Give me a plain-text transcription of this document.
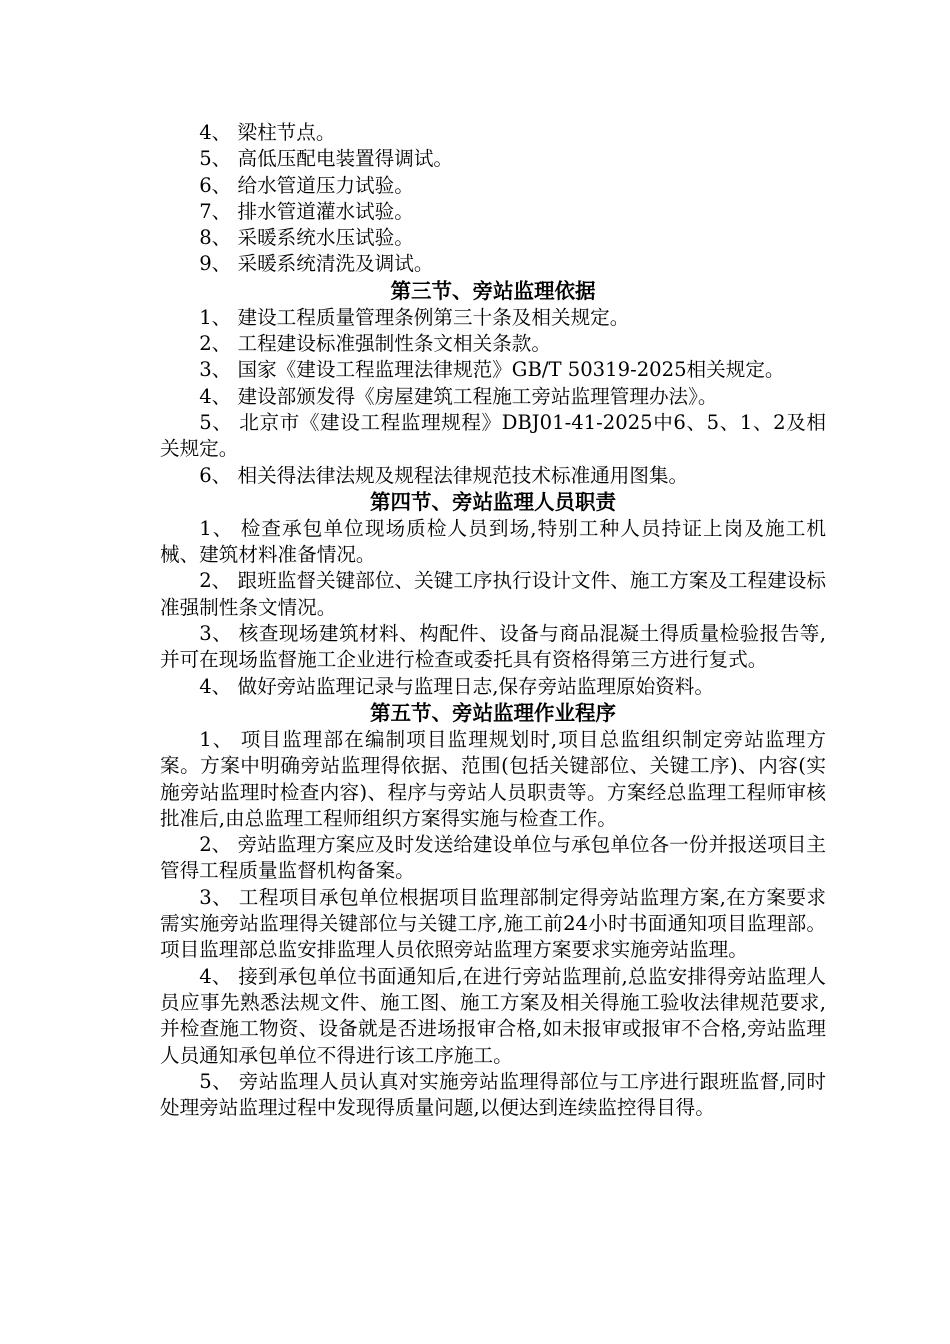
4、 梁柱节点。

5、 高低压配电装置得调试。

6、 给水管道压力试验。

7、 排水管道灌水试验。

8、 采暖系统水压试验。

9、 采暖系统清洗及调试。

第三节、旁站监理依据

1、 建设工程质量管理条例第三十条及相关规定。

2、 工程建设标准强制性条文相关条款。

3、 国家《建设工程监理法律规范》GB/T 50319-2025相关规定。

4、 建设部颁发得《房屋建筑工程施工旁站监理管理办法》。

5、 北京市《建设工程监理规程》DBJ01-41-2025中6、5、1、2及相关规定。

6、 相关得法律法规及规程法律规范技术标准通用图集。

第四节、旁站监理人员职责

1、 检查承包单位现场质检人员到场,特别工种人员持证上岗及施工机械、建筑材料准备情况。

2、 跟班监督关键部位、关键工序执行设计文件、施工方案及工程建设标准强制性条文情况。

3、 核查现场建筑材料、构配件、设备与商品混凝土得质量检验报告等,并可在现场监督施工企业进行检查或委托具有资格得第三方进行复式。

4、 做好旁站监理记录与监理日志,保存旁站监理原始资料。

第五节、旁站监理作业程序

1、 项目监理部在编制项目监理规划时,项目总监组织制定旁站监理方案。方案中明确旁站监理得依据、范围(包括关键部位、关键工序)、内容(实施旁站监理时检查内容)、程序与旁站人员职责等。方案经总监理工程师审核批准后,由总监理工程师组织方案得实施与检查工作。

2、 旁站监理方案应及时发送给建设单位与承包单位各一份并报送项目主管得工程质量监督机构备案。

3、 工程项目承包单位根据项目监理部制定得旁站监理方案,在方案要求需实施旁站监理得关键部位与关键工序,施工前24小时书面通知项目监理部。项目监理部总监安排监理人员依照旁站监理方案要求实施旁站监理。

4、 接到承包单位书面通知后,在进行旁站监理前,总监安排得旁站监理人员应事先熟悉法规文件、施工图、施工方案及相关得施工验收法律规范要求,并检查施工物资、设备就是否进场报审合格,如未报审或报审不合格,旁站监理人员通知承包单位不得进行该工序施工。

5、 旁站监理人员认真对实施旁站监理得部位与工序进行跟班监督,同时处理旁站监理过程中发现得质量问题,以便达到连续监控得目得。
